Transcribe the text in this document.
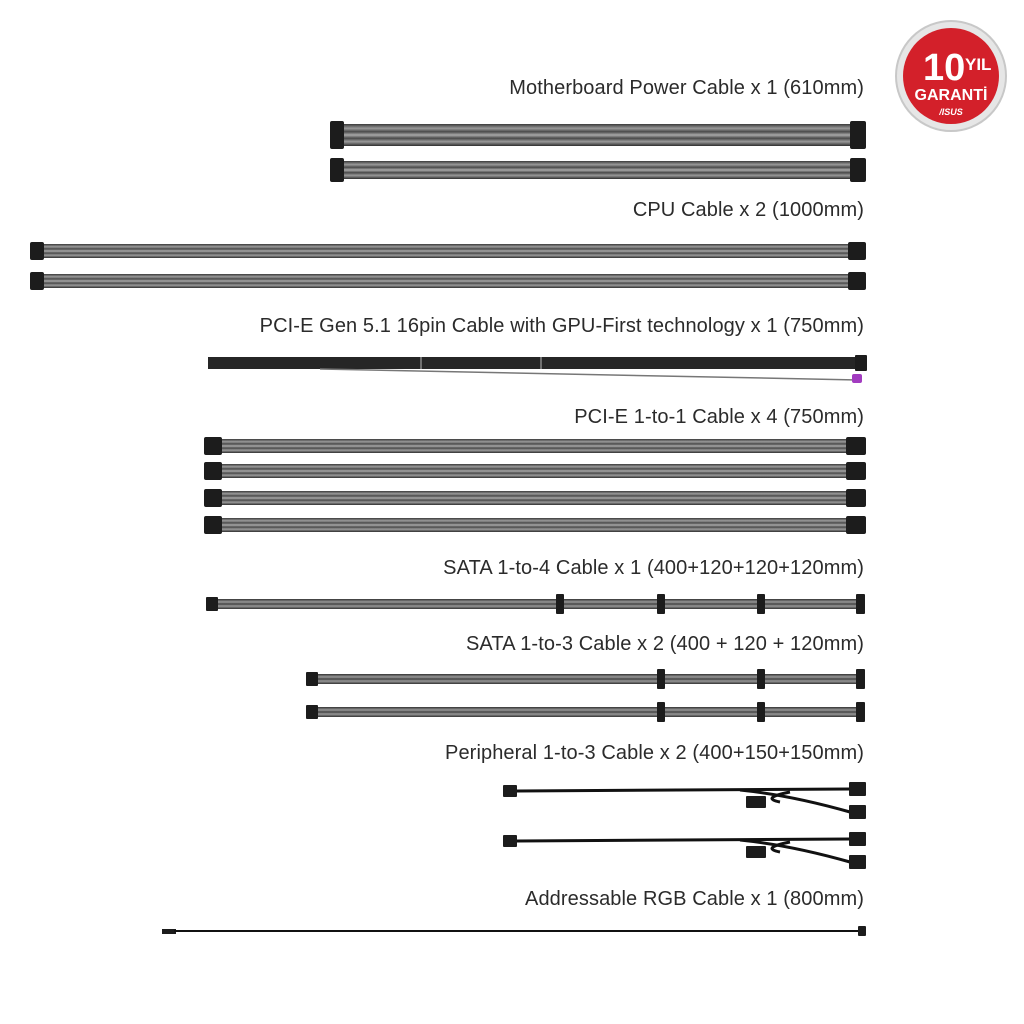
10 YIL
GARANTİ
/ISUS
Motherboard Power Cable x 1 (610mm)
CPU Cable x 2 (1000mm)
PCI-E Gen 5.1 16pin Cable with GPU-First technology x 1 (750mm)
PCI-E 1-to-1 Cable x 4 (750mm)
SATA 1-to-4 Cable x 1 (400+120+120+120mm)
SATA 1-to-3 Cable x 2 (400 + 120 + 120mm)
Peripheral 1-to-3 Cable x 2 (400+150+150mm)
Addressable RGB Cable x 1 (800mm)
